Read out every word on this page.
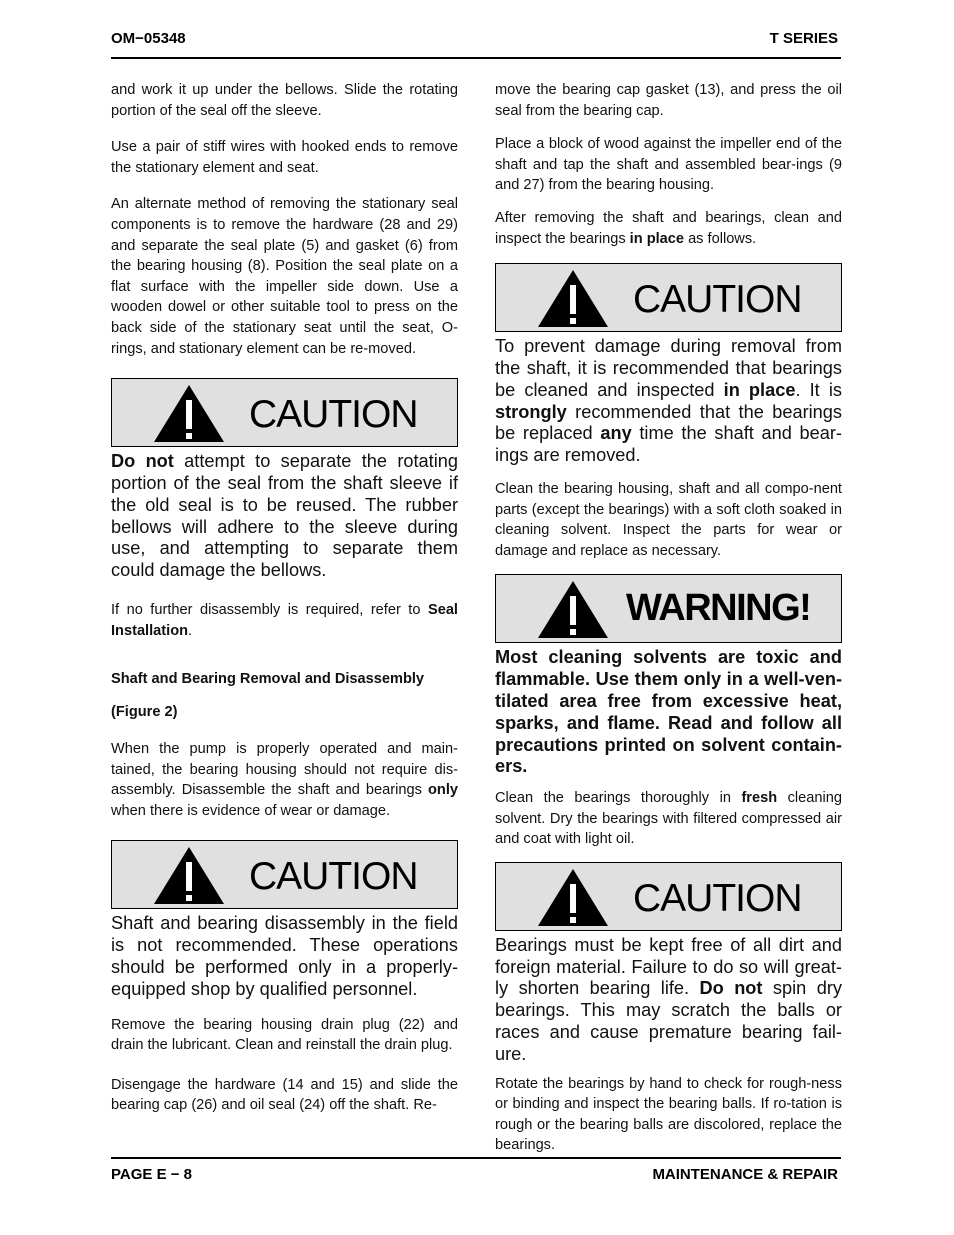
OM−05348	T SERIES

and work it up under the bellows. Slide the rotating portion of the seal off the sleeve.

Use a pair of stiff wires with hooked ends to remove the stationary element and seat.

An alternate method of removing the stationary seal components is to remove the hardware (28 and 29) and separate the seal plate (5) and gasket (6) from the bearing housing (8). Position the seal plate on a flat surface with the impeller side down. Use a wooden dowel or other suitable tool to press on the back side of the stationary seat until the seat, O-rings, and stationary element can be re-moved.

CAUTION

Do not attempt to separate the rotating portion of the seal from the shaft sleeve if the old seal is to be reused. The rubber bellows will adhere to the sleeve during use, and attempting to separate them could damage the bellows.

If no further disassembly is required, refer to Seal Installation.

Shaft and Bearing Removal and Disassembly
(Figure 2)

When the pump is properly operated and main-tained, the bearing housing should not require dis-assembly. Disassemble the shaft and bearings only when there is evidence of wear or damage.

CAUTION

Shaft and bearing disassembly in the field is not recommended. These operations should be performed only in a properly-equipped shop by qualified personnel.

Remove the bearing housing drain plug (22) and drain the lubricant. Clean and reinstall the drain plug.

Disengage the hardware (14 and 15) and slide the bearing cap (26) and oil seal (24) off the shaft. Re-

move the bearing cap gasket (13), and press the oil seal from the bearing cap.

Place a block of wood against the impeller end of the shaft and tap the shaft and assembled bear-ings (9 and 27) from the bearing housing.

After removing the shaft and bearings, clean and inspect the bearings in place as follows.

CAUTION

To prevent damage during removal from the shaft, it is recommended that bearings be cleaned and inspected in place. It is strongly recommended that the bearings be replaced any time the shaft and bear-ings are removed.

Clean the bearing housing, shaft and all compo-nent parts (except the bearings) with a soft cloth soaked in cleaning solvent. Inspect the parts for wear or damage and replace as necessary.

WARNING!

Most cleaning solvents are toxic and flammable. Use them only in a well-ven-tilated area free from excessive heat, sparks, and flame. Read and follow all precautions printed on solvent contain-ers.

Clean the bearings thoroughly in fresh cleaning solvent. Dry the bearings with filtered compressed air and coat with light oil.

CAUTION

Bearings must be kept free of all dirt and foreign material. Failure to do so will great-ly shorten bearing life. Do not spin dry bearings. This may scratch the balls or races and cause premature bearing fail-ure.

Rotate the bearings by hand to check for rough-ness or binding and inspect the bearing balls. If ro-tation is rough or the bearing balls are discolored, replace the bearings.

PAGE E − 8	MAINTENANCE & REPAIR
